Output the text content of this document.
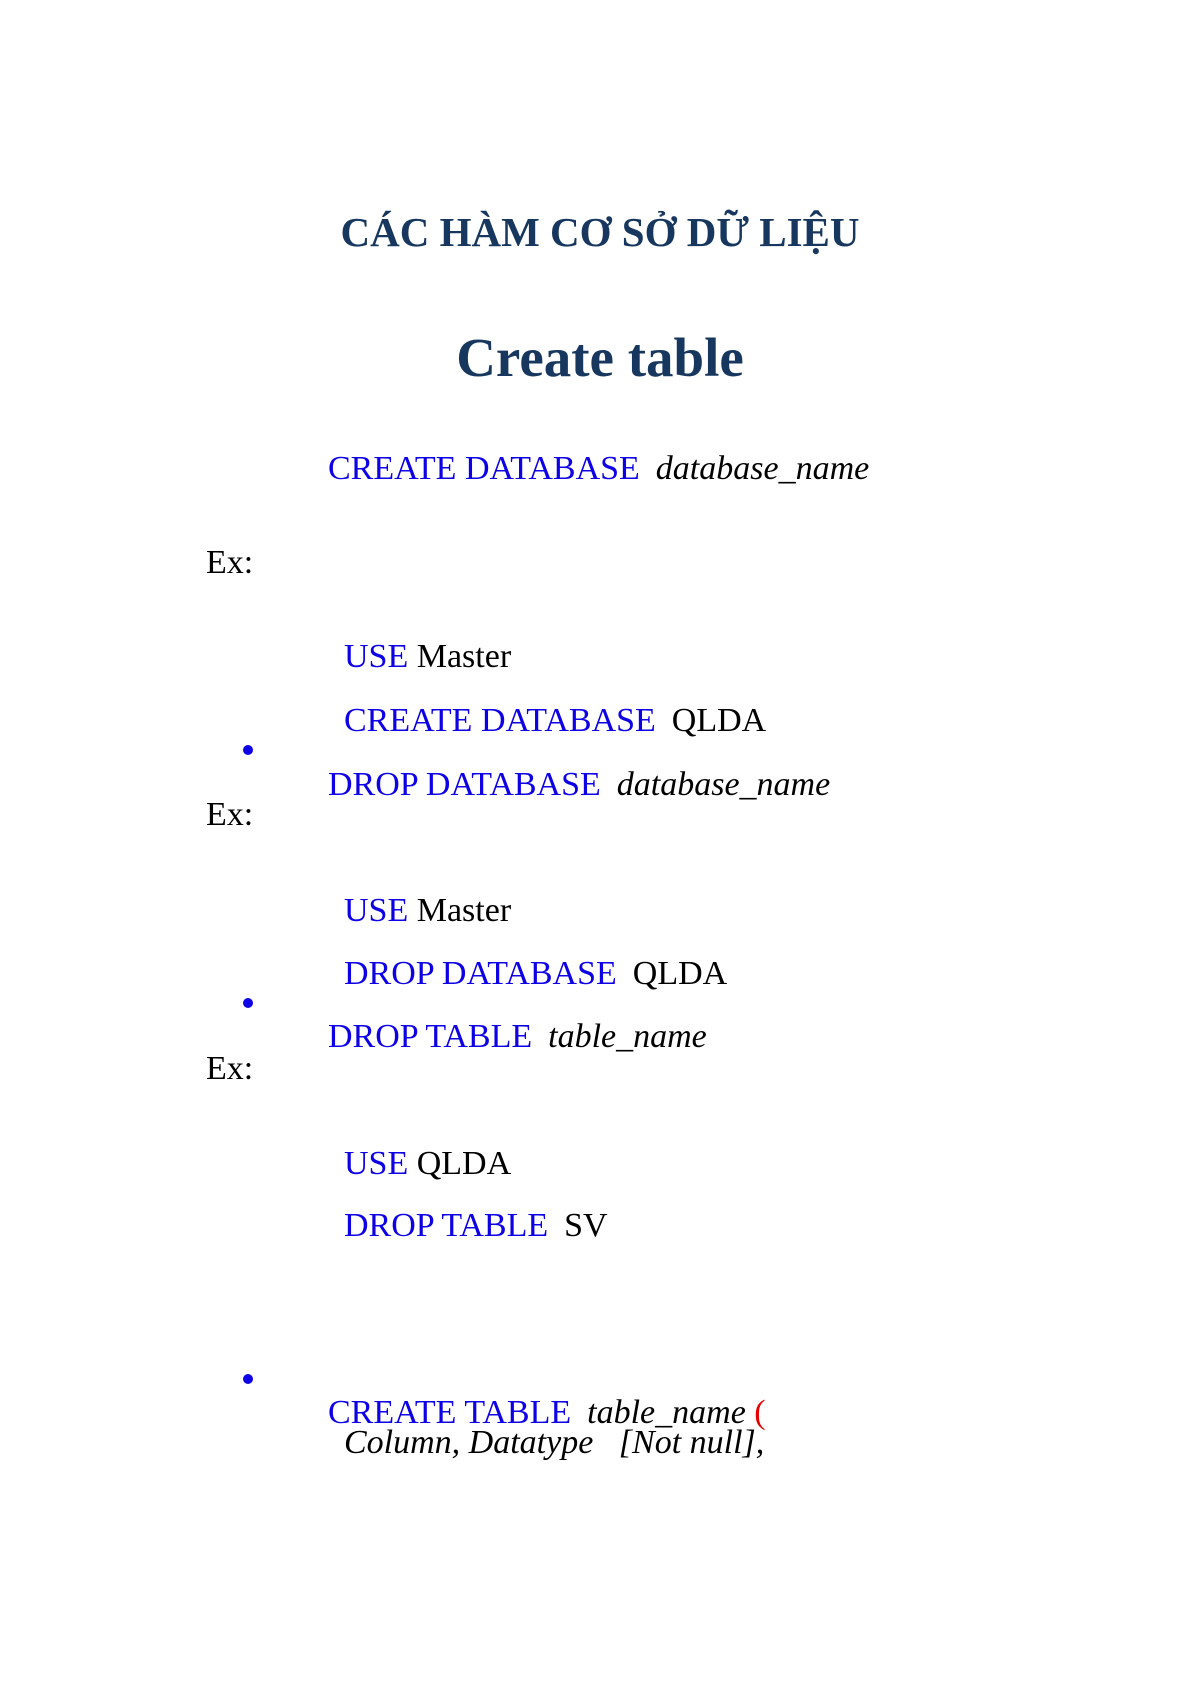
CÁC HÀM CƠ SỞ DỮ LIỆU
Create table

CREATE DATABASE database_name

Ex:

USE Master

CREATE DATABASE QLDA

DROP DATABASE database_name

Ex:

USE Master

DROP DATABASE QLDA

DROP TABLE table_name

Ex:

USE QLDA

DROP TABLE SV

CREATE TABLE table_name (

Column, Datatype   [Not null],
